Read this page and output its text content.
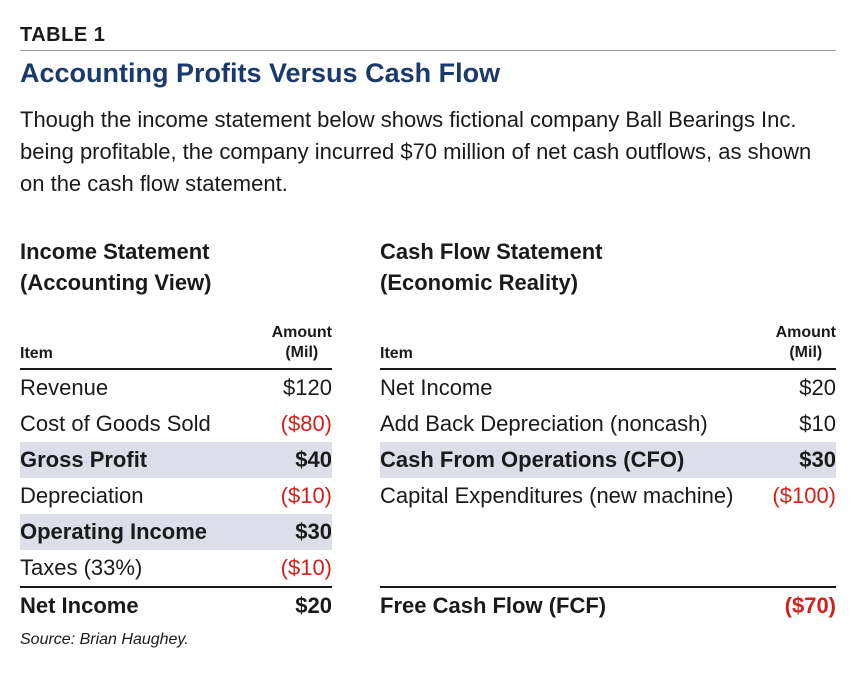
TABLE 1
Accounting Profits Versus Cash Flow
Though the income statement below shows fictional company Ball Bearings Inc. being profitable, the company incurred $70 million of net cash outflows, as shown on the cash flow statement.
Income Statement
(Accounting View)
Item
Amount
(Mil)
Revenue	$120
Cost of Goods Sold	($80)
Gross Profit	$40
Depreciation	($10)
Operating Income	$30
Taxes (33%)	($10)
Net Income	$20
Cash Flow Statement
(Economic Reality)
Item
Amount
(Mil)
Net Income	$20
Add Back Depreciation (noncash)	$10
Cash From Operations (CFO)	$30
Capital Expenditures (new machine) ($100)
Free Cash Flow (FCF)	($70)
Source: Brian Haughey.
